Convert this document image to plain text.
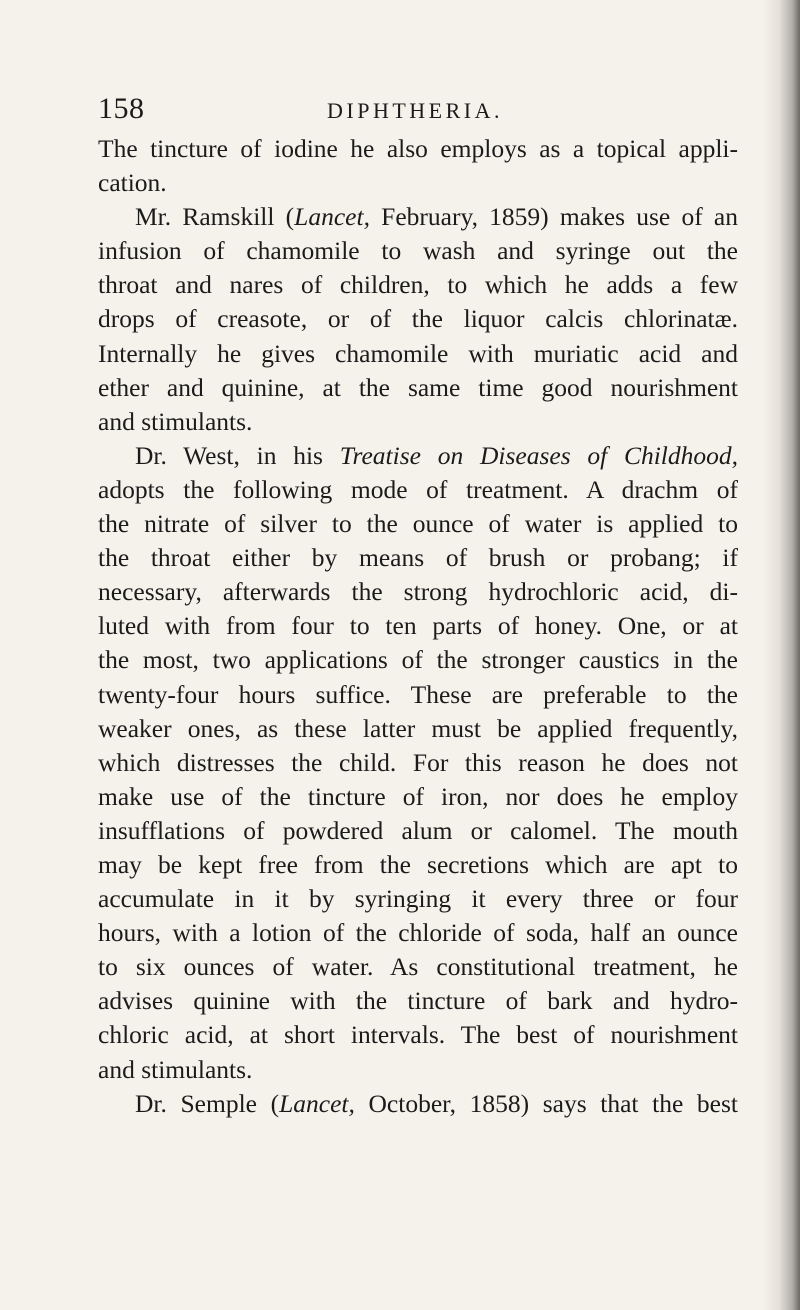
158	DIPHTHERIA.
The tincture of iodine he also employs as a topical appli-
cation.
Mr. Ramskill (Lancet, February, 1859) makes use of an
infusion of chamomile to wash and syringe out the
throat and nares of children, to which he adds a few
drops of creasote, or of the liquor calcis chlorinatæ.
Internally he gives chamomile with muriatic acid and
ether and quinine, at the same time good nourishment
and stimulants.
Dr. West, in his Treatise on Diseases of Childhood,
adopts the following mode of treatment. A drachm of
the nitrate of silver to the ounce of water is applied to
the throat either by means of brush or probang; if
necessary, afterwards the strong hydrochloric acid, di-
luted with from four to ten parts of honey. One, or at
the most, two applications of the stronger caustics in the
twenty-four hours suffice. These are preferable to the
weaker ones, as these latter must be applied frequently,
which distresses the child. For this reason he does not
make use of the tincture of iron, nor does he employ
insufflations of powdered alum or calomel. The mouth
may be kept free from the secretions which are apt to
accumulate in it by syringing it every three or four
hours, with a lotion of the chloride of soda, half an ounce
to six ounces of water. As constitutional treatment, he
advises quinine with the tincture of bark and hydro-
chloric acid, at short intervals. The best of nourishment
and stimulants.
Dr. Semple (Lancet, October, 1858) says that the best
